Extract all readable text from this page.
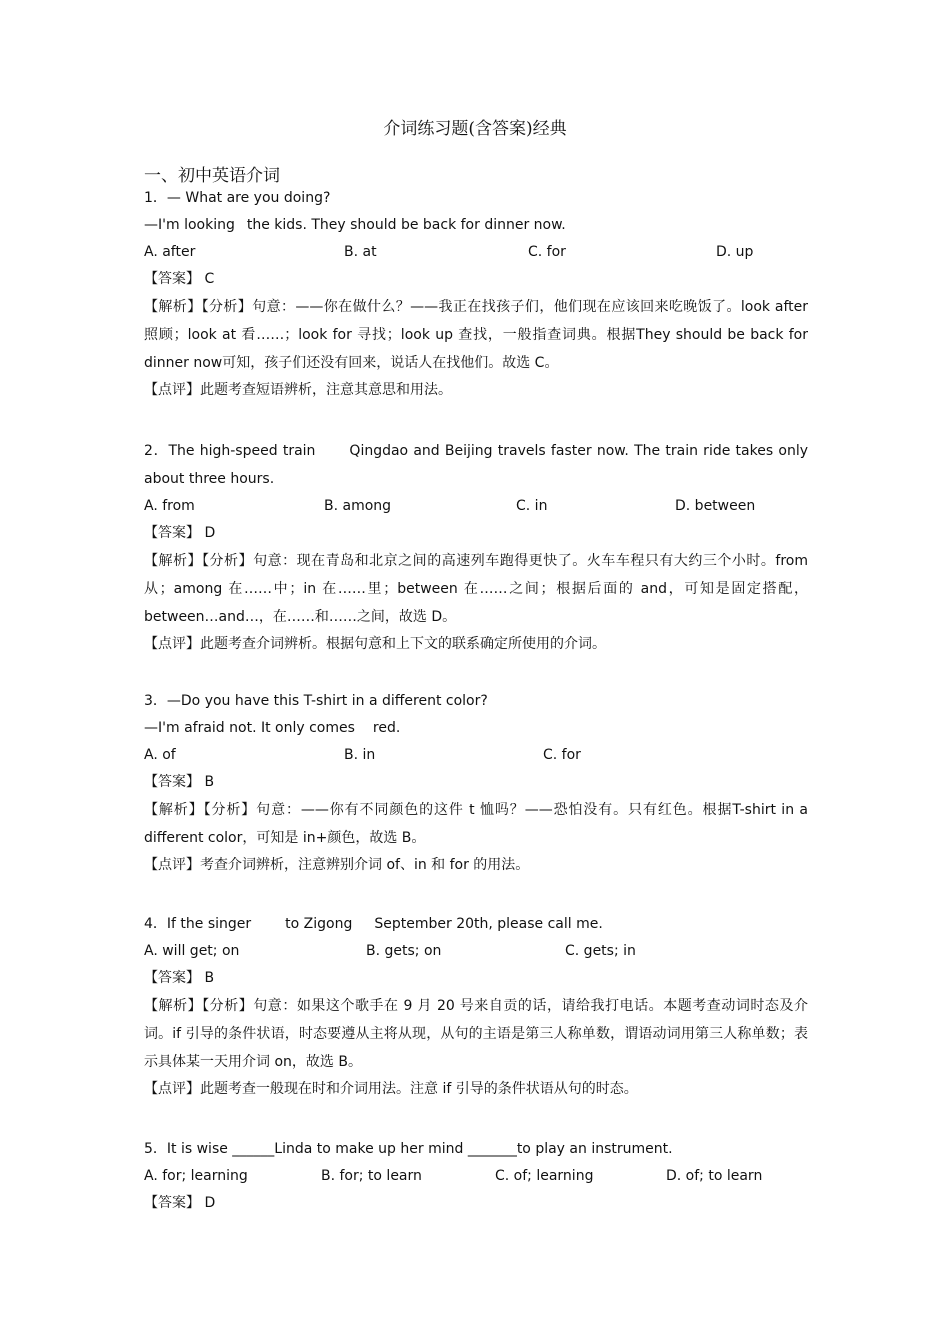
介词练习题(含答案)经典
一、初中英语介词
1．— What are you doing?
—I'm looking the kids. They should be back for dinner now.
A. after	B. at	C. for	D. up
【答案】 C
【解析】【分析】句意：——你在做什么？——我正在找孩子们，他们现在应该回来吃晚饭了。look after 照顾；look at 看……；look for 寻找；look up 查找，一般指查词典。根据They should be back for dinner now可知，孩子们还没有回来，说话人在找他们。故选 C。
【点评】此题考查短语辨析，注意其意思和用法。
2．The high-speed train Qingdao and Beijing travels faster now. The train ride takes only about three hours.
A. from	B. among	C. in	D. between
【答案】 D
【解析】【分析】句意：现在青岛和北京之间的高速列车跑得更快了。火车车程只有大约三个小时。from 从；among 在……中；in 在……里；between 在……之间；根据后面的 and，可知是固定搭配，between…and…，在……和……之间，故选 D。
【点评】此题考查介词辨析。根据句意和上下文的联系确定所使用的介词。
3．—Do you have this T-shirt in a different color?
—I'm afraid not. It only comes red.
A. of	B. in	C. for
【答案】 B
【解析】【分析】句意：——你有不同颜色的这件 t 恤吗？——恐怕没有。只有红色。根据T-shirt in a different color，可知是 in+颜色，故选 B。
【点评】考查介词辨析，注意辨别介词 of、in 和 for 的用法。
4．If the singer to Zigong September 20th, please call me.
A. will get; on	B. gets; on	C. gets; in
【答案】 B
【解析】【分析】句意：如果这个歌手在 9 月 20 号来自贡的话，请给我打电话。本题考查动词时态及介词。if 引导的条件状语，时态要遵从主将从现，从句的主语是第三人称单数，谓语动词用第三人称单数；表示具体某一天用介词 on，故选 B。
【点评】此题考查一般现在时和介词用法。注意 if 引导的条件状语从句的时态。
5．It is wise ______Linda to make up her mind _______to play an instrument.
A. for; learning	B. for; to learn	C. of; learning	D. of; to learn
【答案】 D
